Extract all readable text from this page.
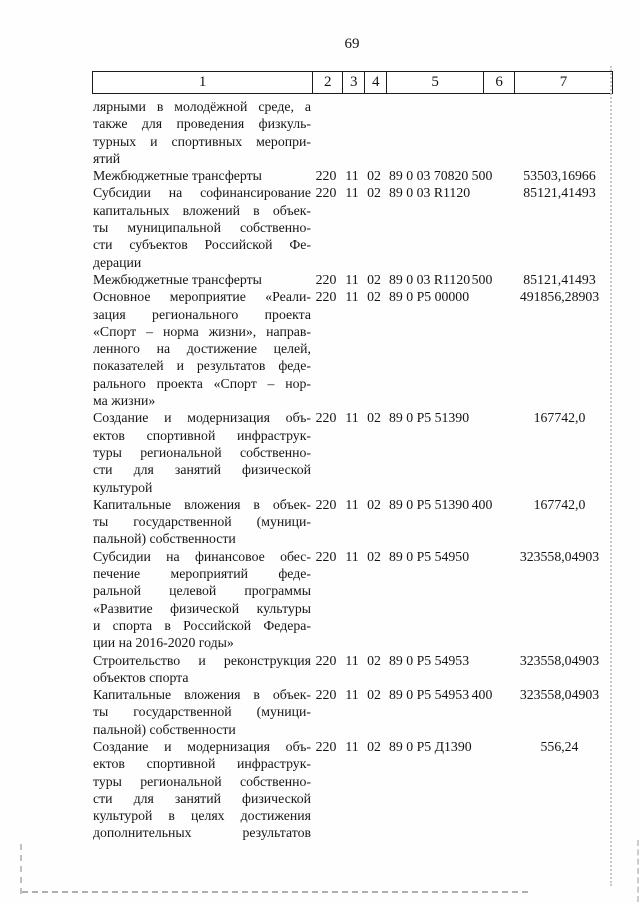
69
1	2	3 4	5	6	7
лярными в молодёжной среде, а
также для проведения физкуль-
турных и спортивных меропри-
ятий
Межбюджетные трансферты	220 11 02 89 0 03 70820 500	53503,16966
Субсидии на софинансирование
капитальных вложений в объек-
ты муниципальной собственно-
сти субъектов Российской Фе-
дерации
220 11 02 89 0 03 R1120	85121,41493
Межбюджетные трансферты	220 11 02 89 0 03 R1120 500	85121,41493
Основное мероприятие «Реали-
зация регионального проекта
«Спорт – норма жизни», направ-
ленного на достижение целей,
показателей и результатов феде-
рального проекта «Спорт – нор-
ма жизни»
220 11 02 89 0 P5 00000	491856,28903
Создание и модернизация объ-
ектов спортивной инфраструк-
туры региональной собственно-
сти для занятий физической
культурой
220 11 02 89 0 P5 51390	167742,0
Капитальные вложения в объек-
ты государственной (муници-
пальной) собственности
220 11 02 89 0 P5 51390 400	167742,0
Субсидии на финансовое обес-
печение мероприятий феде-
ральной целевой программы
«Развитие физической культуры
и спорта в Российской Федера-
ции на 2016-2020 годы»
220 11 02 89 0 P5 54950	323558,04903
Строительство и реконструкция
объектов спорта
220 11 02 89 0 P5 54953	323558,04903
Капитальные вложения в объек-
ты государственной (муници-
пальной) собственности
220 11 02 89 0 P5 54953 400	323558,04903
Создание и модернизация объ-
ектов спортивной инфраструк-
туры региональной собственно-
сти для занятий физической
культурой в целях достижения
дополнительных результатов
220 11 02 89 0 P5 Д1390	556,24
